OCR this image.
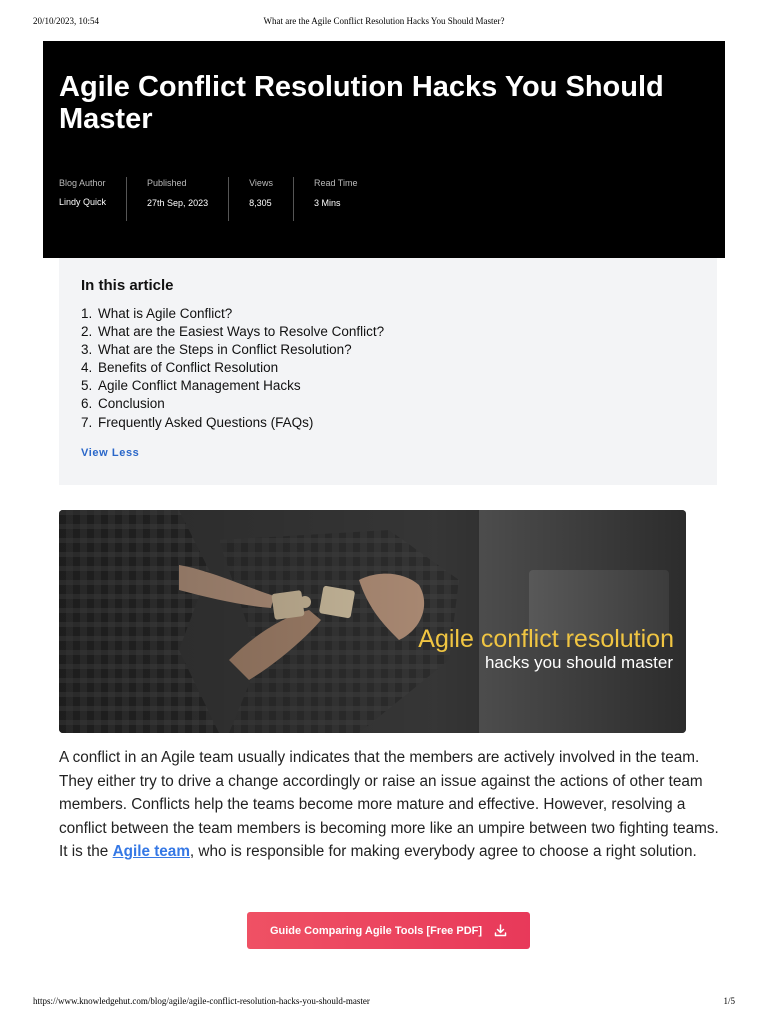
20/10/2023, 10:54	What are the Agile Conflict Resolution Hacks You Should Master?
Agile Conflict Resolution Hacks You Should Master
Blog Author
Lindy Quick
Published
27th Sep, 2023
Views
8,305
Read Time
3 Mins
In this article
1. What is Agile Conflict?
2. What are the Easiest Ways to Resolve Conflict?
3. What are the Steps in Conflict Resolution?
4. Benefits of Conflict Resolution
5. Agile Conflict Management Hacks
6. Conclusion
7. Frequently Asked Questions (FAQs)
View Less
Agile conflict resolution
hacks you should master

A conflict in an Agile team usually indicates that the members are actively involved in the team. They either try to drive a change accordingly or raise an issue against the actions of other team members. Conflicts help the teams become more mature and effective. However, resolving a conflict between the team members is becoming more like an umpire between two fighting teams. It is the Agile team, who is responsible for making everybody agree to choose a right solution.

Guide Comparing Agile Tools [Free PDF]
https://www.knowledgehut.com/blog/agile/agile-conflict-resolution-hacks-you-should-master	1/5
